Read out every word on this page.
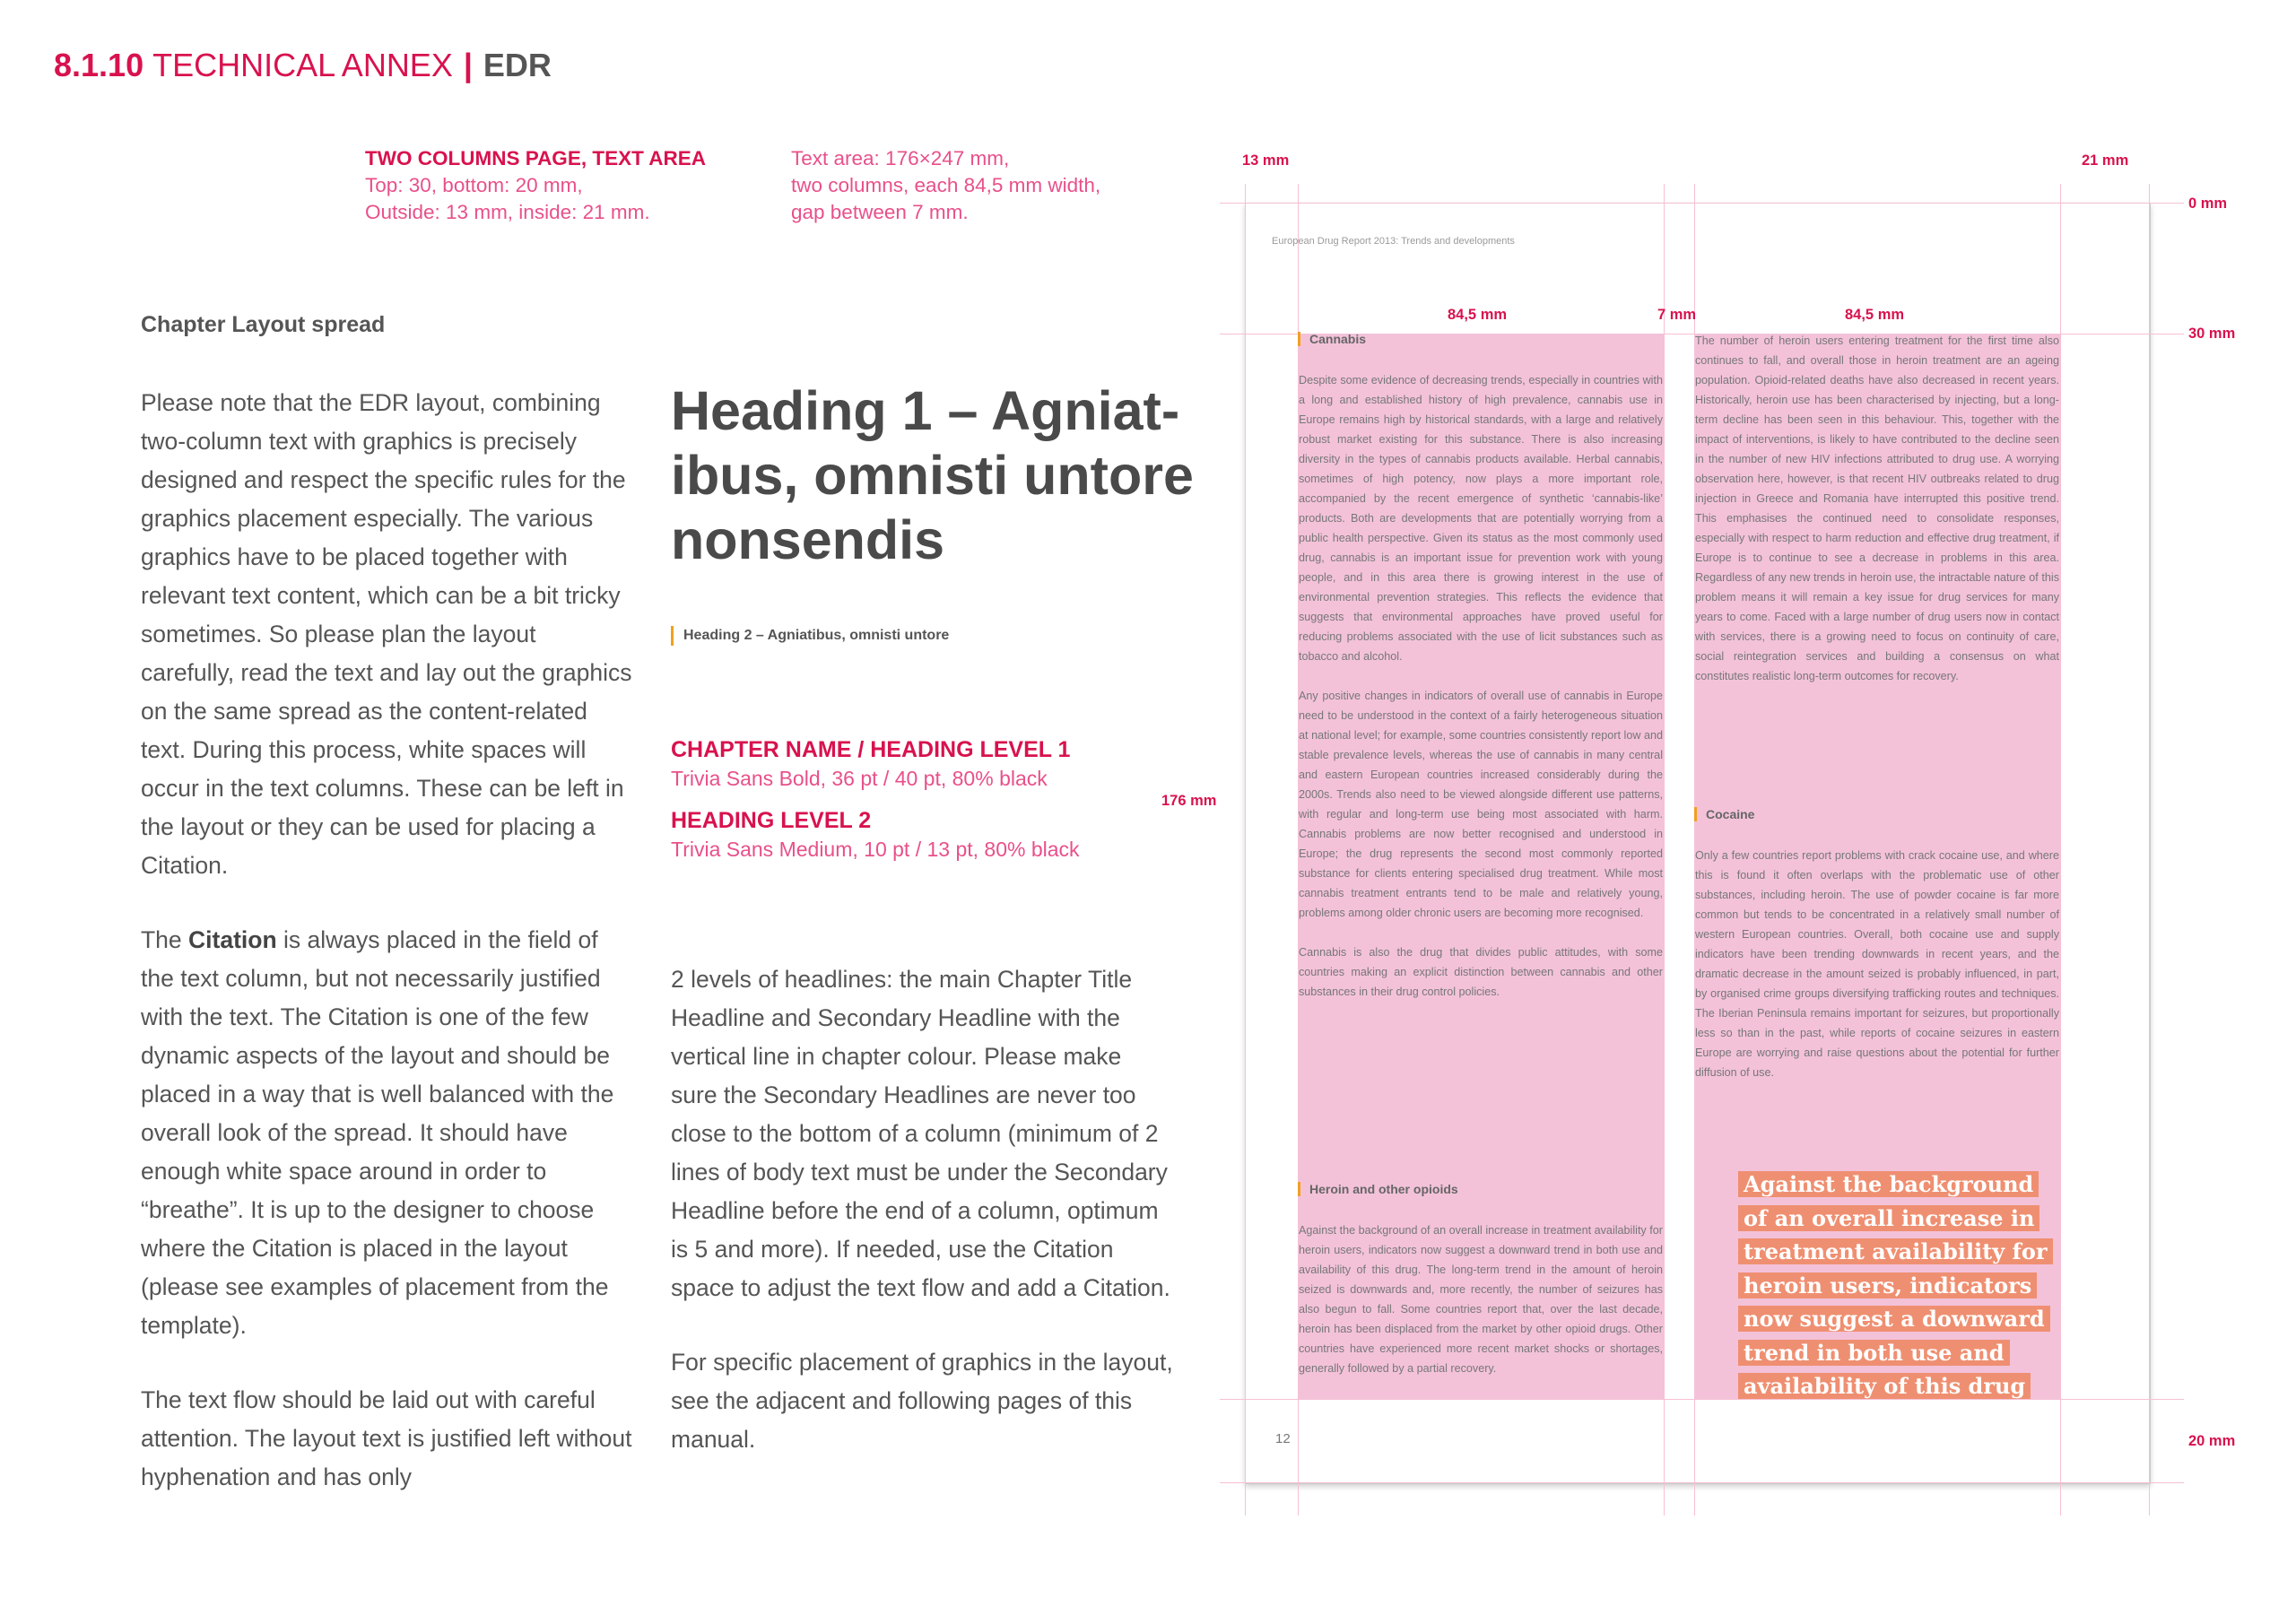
8.1.10 TECHNICAL ANNEX | EDR
TWO COLUMNS PAGE, TEXT AREA
Top: 30, bottom: 20 mm,
Outside: 13 mm, inside: 21 mm.
Text area: 176×247 mm,
two columns, each 84,5 mm width,
gap between 7 mm.
Chapter Layout spread

Please note that the EDR layout, combining two-column text with graphics is precisely designed and respect the specific rules for the graphics placement especially. The various graphics have to be placed together with relevant text content, which can be a bit tricky sometimes. So please plan the layout carefully, read the text and lay out the graphics on the same spread as the content-related text. During this process, white spaces will occur in the text columns. These can be left in the layout or they can be used for placing a Citation.

The Citation is always placed in the field of the text column, but not necessarily justified with the text. The Citation is one of the few dynamic aspects of the layout and should be placed in a way that is well balanced with the overall look of the spread. It should have enough white space around in order to “breathe”. It is up to the designer to choose where the Citation is placed in the layout (please see examples of placement from the template).

The text flow should be laid out with careful attention. The layout text is justified left without hyphenation and has only

Heading 1 – Agniat-ibus, omnisti untore nonsendis
Heading 2 – Agniatibus, omnisti untore
CHAPTER NAME / HEADING LEVEL 1
Trivia Sans Bold, 36 pt / 40 pt, 80% black
HEADING LEVEL 2
Trivia Sans Medium, 10 pt / 13 pt, 80% black

2 levels of headlines: the main Chapter Title Headline and Secondary Headline with the vertical line in chapter colour. Please make sure the Secondary Headlines are never too close to the bottom of a column (minimum of 2 lines of body text must be under the Secondary Headline before the end of a column, optimum is 5 and more). If needed, use the Citation space to adjust the text flow and add a Citation.

For specific placement of graphics in the layout, see the adjacent and following pages of this manual.

European Drug Report 2013: Trends and developments
12
13 mm	21 mm
0 mm
30 mm
20 mm
84,5 mm	7 mm	84,5 mm
176 mm
Cannabis

Despite some evidence of decreasing trends, especially in countries with a long and established history of high prevalence, cannabis use in Europe remains high by historical standards, with a large and relatively robust market existing for this substance. There is also increasing diversity in the types of cannabis products available. Herbal cannabis, sometimes of high potency, now plays a more important role, accompanied by the recent emergence of synthetic ‘cannabis-like’ products. Both are developments that are potentially worrying from a public health perspective. Given its status as the most commonly used drug, cannabis is an important issue for prevention work with young people, and in this area there is growing interest in the use of environmental prevention strategies. This reflects the evidence that suggests that environmental approaches have proved useful for reducing problems associated with the use of licit substances such as tobacco and alcohol.

Any positive changes in indicators of overall use of cannabis in Europe need to be understood in the context of a fairly heterogeneous situation at national level; for example, some countries consistently report low and stable prevalence levels, whereas the use of cannabis in many central and eastern European countries increased considerably during the 2000s. Trends also need to be viewed alongside different use patterns, with regular and long-term use being most associated with harm. Cannabis problems are now better recognised and understood in Europe; the drug represents the second most commonly reported substance for clients entering specialised drug treatment. While most cannabis treatment entrants tend to be male and relatively young, problems among older chronic users are becoming more recognised.

Cannabis is also the drug that divides public attitudes, with some countries making an explicit distinction between cannabis and other substances in their drug control policies.

Heroin and other opioids

Against the background of an overall increase in treatment availability for heroin users, indicators now suggest a downward trend in both use and availability of this drug. The long-term trend in the amount of heroin seized is downwards and, more recently, the number of seizures has also begun to fall. Some countries report that, over the last decade, heroin has been displaced from the market by other opioid drugs. Other countries have experienced more recent market shocks or shortages, generally followed by a partial recovery.

The number of heroin users entering treatment for the first time also continues to fall, and overall those in heroin treatment are an ageing population. Opioid-related deaths have also decreased in recent years. Historically, heroin use has been characterised by injecting, but a long-term decline has been seen in this behaviour. This, together with the impact of interventions, is likely to have contributed to the decline seen in the number of new HIV infections attributed to drug use. A worrying observation here, however, is that recent HIV outbreaks related to drug injection in Greece and Romania have interrupted this positive trend. This emphasises the continued need to consolidate responses, especially with respect to harm reduction and effective drug treatment, if Europe is to continue to see a decrease in problems in this area. Regardless of any new trends in heroin use, the intractable nature of this problem means it will remain a key issue for drug services for many years to come. Faced with a large number of drug users now in contact with services, there is a growing need to focus on continuity of care, social reintegration services and building a consensus on what constitutes realistic long-term outcomes for recovery.

Cocaine

Only a few countries report problems with crack cocaine use, and where this is found it often overlaps with the problematic use of other substances, including heroin. The use of powder cocaine is far more common but tends to be concentrated in a relatively small number of western European countries. Overall, both cocaine use and supply indicators have been trending downwards in recent years, and the dramatic decrease in the amount seized is probably influenced, in part, by organised crime groups diversifying trafficking routes and techniques. The Iberian Peninsula remains important for seizures, but proportionally less so than in the past, while reports of cocaine seizures in eastern Europe are worrying and raise questions about the potential for further diffusion of use.

Against the background of an overall increase in treatment availability for heroin users, indicators now suggest a downward trend in both use and availability of this drug
